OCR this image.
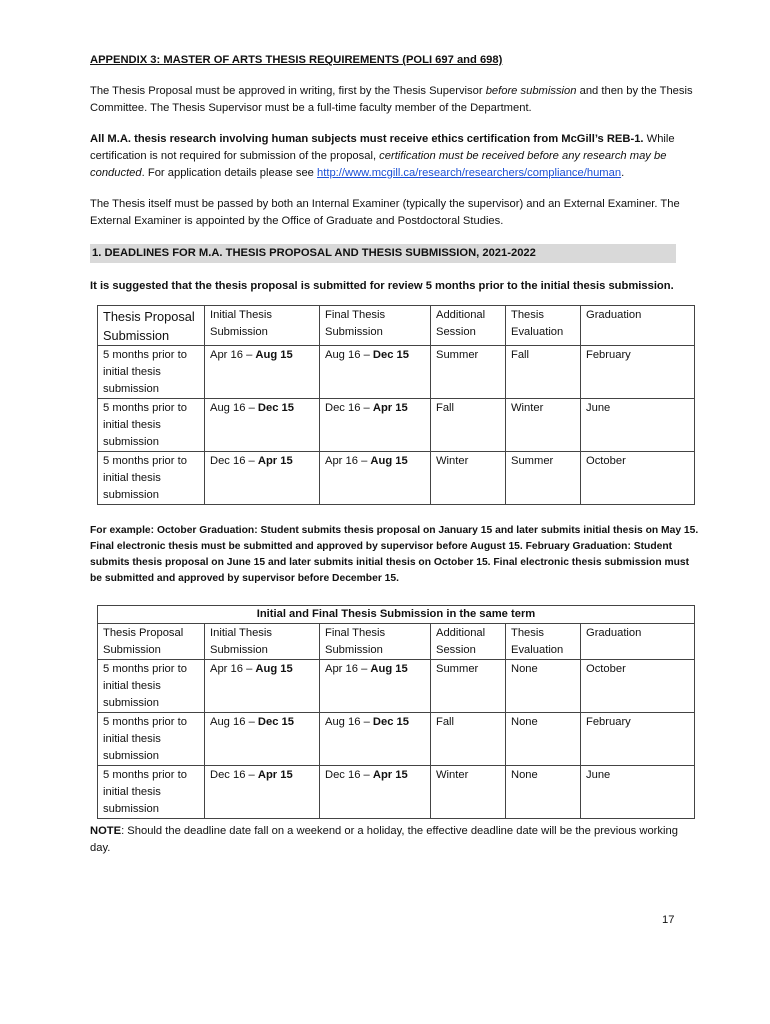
APPENDIX 3: MASTER OF ARTS THESIS REQUIREMENTS (POLI 697 and 698)

The Thesis Proposal must be approved in writing, first by the Thesis Supervisor before submission and then by the Thesis Committee. The Thesis Supervisor must be a full-time faculty member of the Department.

All M.A. thesis research involving human subjects must receive ethics certification from McGill’s REB-1. While certification is not required for submission of the proposal, certification must be received before any research may be conducted. For application details please see http://www.mcgill.ca/research/researchers/compliance/human.

The Thesis itself must be passed by both an Internal Examiner (typically the supervisor) and an External Examiner. The External Examiner is appointed by the Office of Graduate and Postdoctoral Studies.

1. DEADLINES FOR M.A. THESIS PROPOSAL AND THESIS SUBMISSION, 2021-2022
It is suggested that the thesis proposal is submitted for review 5 months prior to the initial thesis submission.
Thesis Proposal Submission	Initial Thesis Submission	Final Thesis Submission	Additional Session	Thesis Evaluation	Graduation
5 months prior to initial thesis submission	Apr 16 – Aug 15	Aug 16 – Dec 15	Summer	Fall	February
5 months prior to initial thesis submission	Aug 16 – Dec 15	Dec 16 – Apr 15	Fall	Winter	June
5 months prior to initial thesis submission	Dec 16 – Apr 15	Apr 16 – Aug 15	Winter	Summer	October
For example: October Graduation: Student submits thesis proposal on January 15 and later submits initial thesis on May 15. Final electronic thesis must be submitted and approved by supervisor before August 15. February Graduation: Student submits thesis proposal on June 15 and later submits initial thesis on October 15. Final electronic thesis submission must be submitted and approved by supervisor before December 15.
Initial and Final Thesis Submission in the same term					
Thesis Proposal Submission	Initial Thesis Submission	Final Thesis Submission	Additional Session	Thesis Evaluation	Graduation
5 months prior to initial thesis submission	Apr 16 – Aug 15	Apr 16 – Aug 15	Summer	None	October
5 months prior to initial thesis submission	Aug 16 – Dec 15	Aug 16 – Dec 15	Fall	None	February
5 months prior to initial thesis submission	Dec 16 – Apr 15	Dec 16 – Apr 15	Winter	None	June
NOTE: Should the deadline date fall on a weekend or a holiday, the effective deadline date will be the previous working day.
17
